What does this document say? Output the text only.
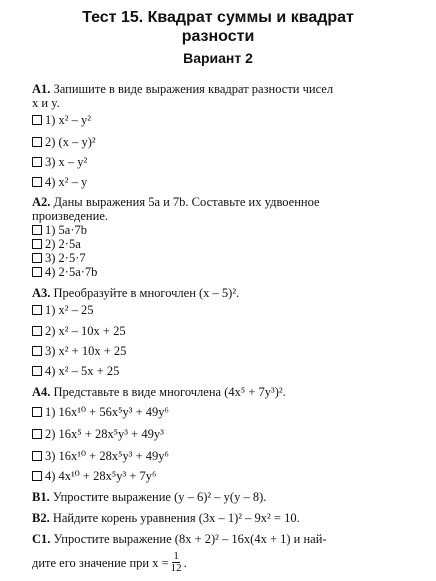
Тест 15. Квадрат суммы и квадрат
разности
Вариант 2
A1. Запишите в виде выражения квадрат разности чисел
x и y.
1) x² – y²
2) (x – y)²
3) x – y²
4) x² – y
A2. Даны выражения 5a и 7b. Составьте их удвоенное
произведение.
1) 5a·7b
2) 2·5a
3) 2·5·7
4) 2·5a·7b
A3. Преобразуйте в многочлен (x – 5)².
1) x² – 25
2) x² – 10x + 25
3) x² + 10x + 25
4) x² – 5x + 25
A4. Представьте в виде многочлена (4x⁵ + 7y³)².
1) 16x¹⁰ + 56x⁵y³ + 49y⁶
2) 16x⁵ + 28x⁵y³ + 49y³
3) 16x¹⁰ + 28x⁵y³ + 49y⁶
4) 4x¹⁰ + 28x⁵y³ + 7y⁶
B1. Упростите выражение (y – 6)² – y(y – 8).
B2. Найдите корень уравнения (3x – 1)² – 9x² = 10.
C1. Упростите выражение (8x + 2)² – 16x(4x + 1) и най-
дите его значение при $x = \frac{1}{12}$ .
